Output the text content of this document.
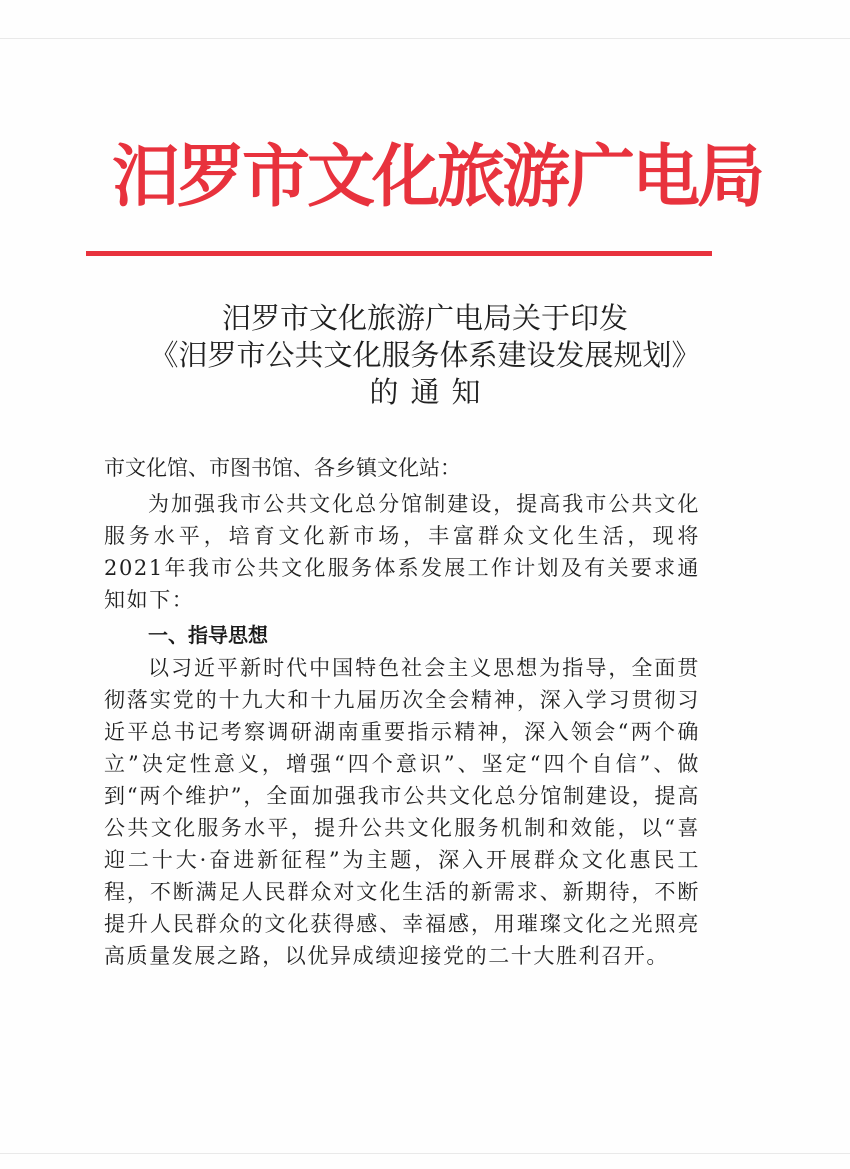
汨罗市文化旅游广电局
汨罗市文化旅游广电局关于印发
《汨罗市公共文化服务体系建设发展规划》
的通知
市文化馆、市图书馆、各乡镇文化站：

为加强我市公共文化总分馆制建设，提高我市公共文化服务水平，培育文化新市场，丰富群众文化生活，现将2021年我市公共文化服务体系发展工作计划及有关要求通知如下：

一、指导思想

以习近平新时代中国特色社会主义思想为指导，全面贯彻落实党的十九大和十九届历次全会精神，深入学习贯彻习近平总书记考察调研湖南重要指示精神，深入领会“两个确立”决定性意义，增强“四个意识”、坚定“四个自信”、做到“两个维护”，全面加强我市公共文化总分馆制建设，提高公共文化服务水平，提升公共文化服务机制和效能，以“喜迎二十大·奋进新征程”为主题，深入开展群众文化惠民工程，不断满足人民群众对文化生活的新需求、新期待，不断提升人民群众的文化获得感、幸福感，用璀璨文化之光照亮高质量发展之路，以优异成绩迎接党的二十大胜利召开。
